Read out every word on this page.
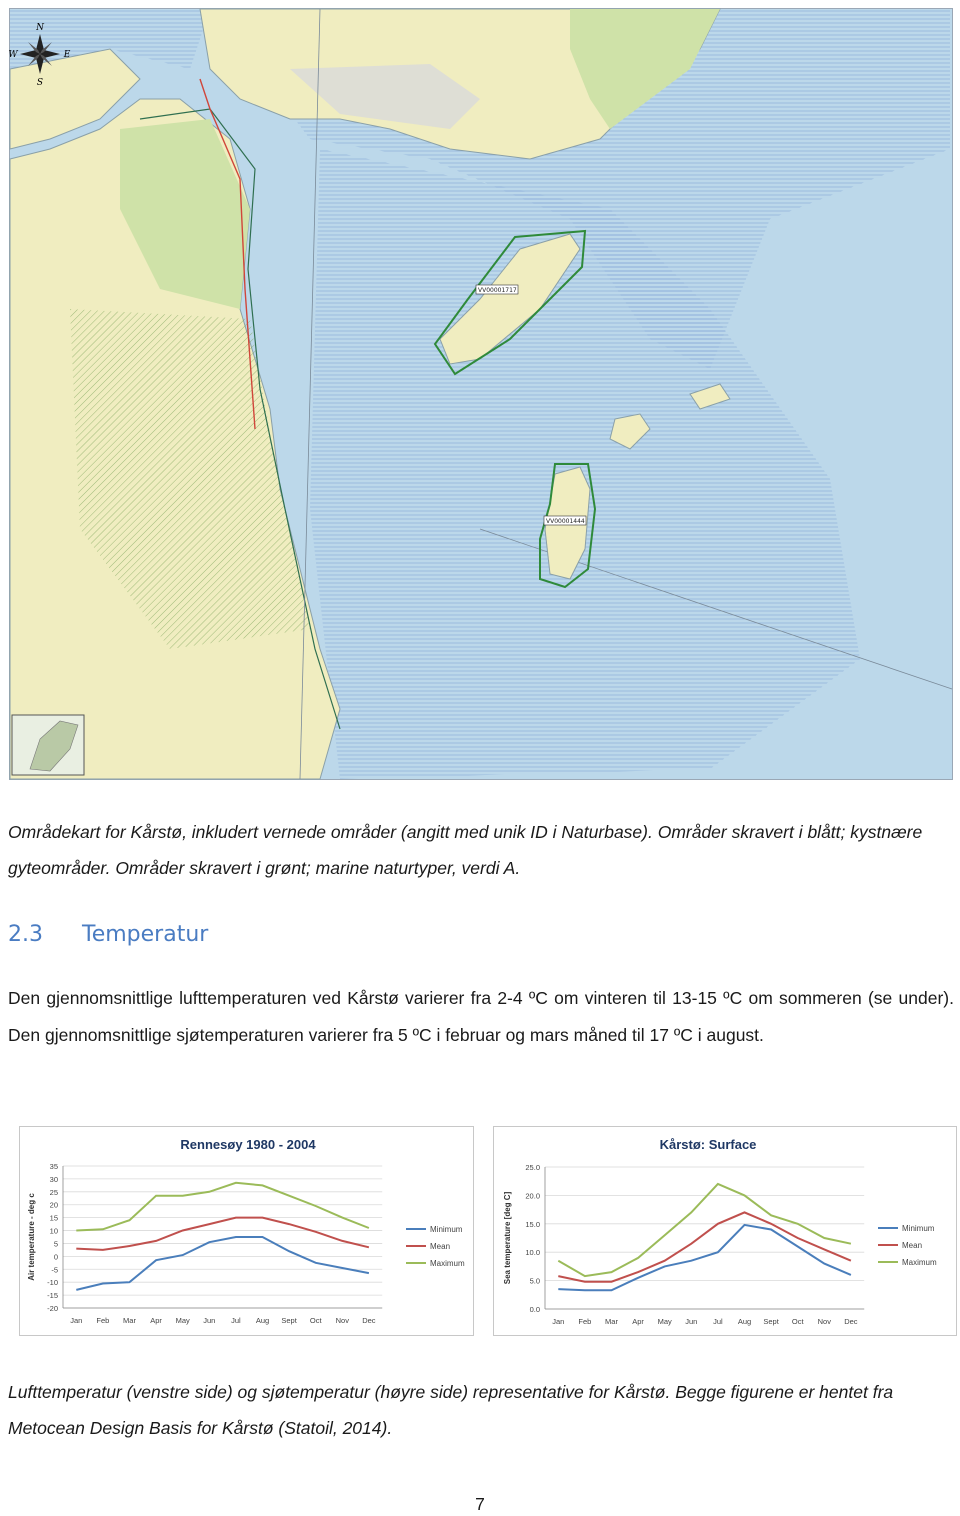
VV00001717
VV00001444
N
S
W	E
Områdekart for Kårstø, inkludert vernede områder (angitt med unik ID i Naturbase). Områder skravert i blått; kystnære gyteområder. Områder skravert i grønt; marine naturtyper, verdi A.
2.3 Temperatur
Den gjennomsnittlige lufttemperaturen ved Kårstø varierer fra 2-4 ºC om vinteren til 13-15 ºC om sommeren (se under). Den gjennomsnittlige sjøtemperaturen varierer fra 5 ºC i februar og mars måned til 17 ºC i august.
Rennesøy 1980 - 2004
Air temperature - deg c
35
30
25
20
15
10
5
0
-5
-10
-15
-20
Jan Feb Mar Apr May Jun Jul Aug Sept Oct Nov Dec
Minimum
Mean
Maximum
Kårstø: Surface
Sea temperature [deg C]
25.0
20.0
15.0
10.0
5.0
0.0
Jan Feb Mar Apr May Jun Jul Aug Sept Oct Nov Dec
Minimum
Mean
Maximum
Lufttemperatur (venstre side) og sjøtemperatur (høyre side) representative for Kårstø. Begge figurene er hentet fra Metocean Design Basis for Kårstø (Statoil, 2014).
7
